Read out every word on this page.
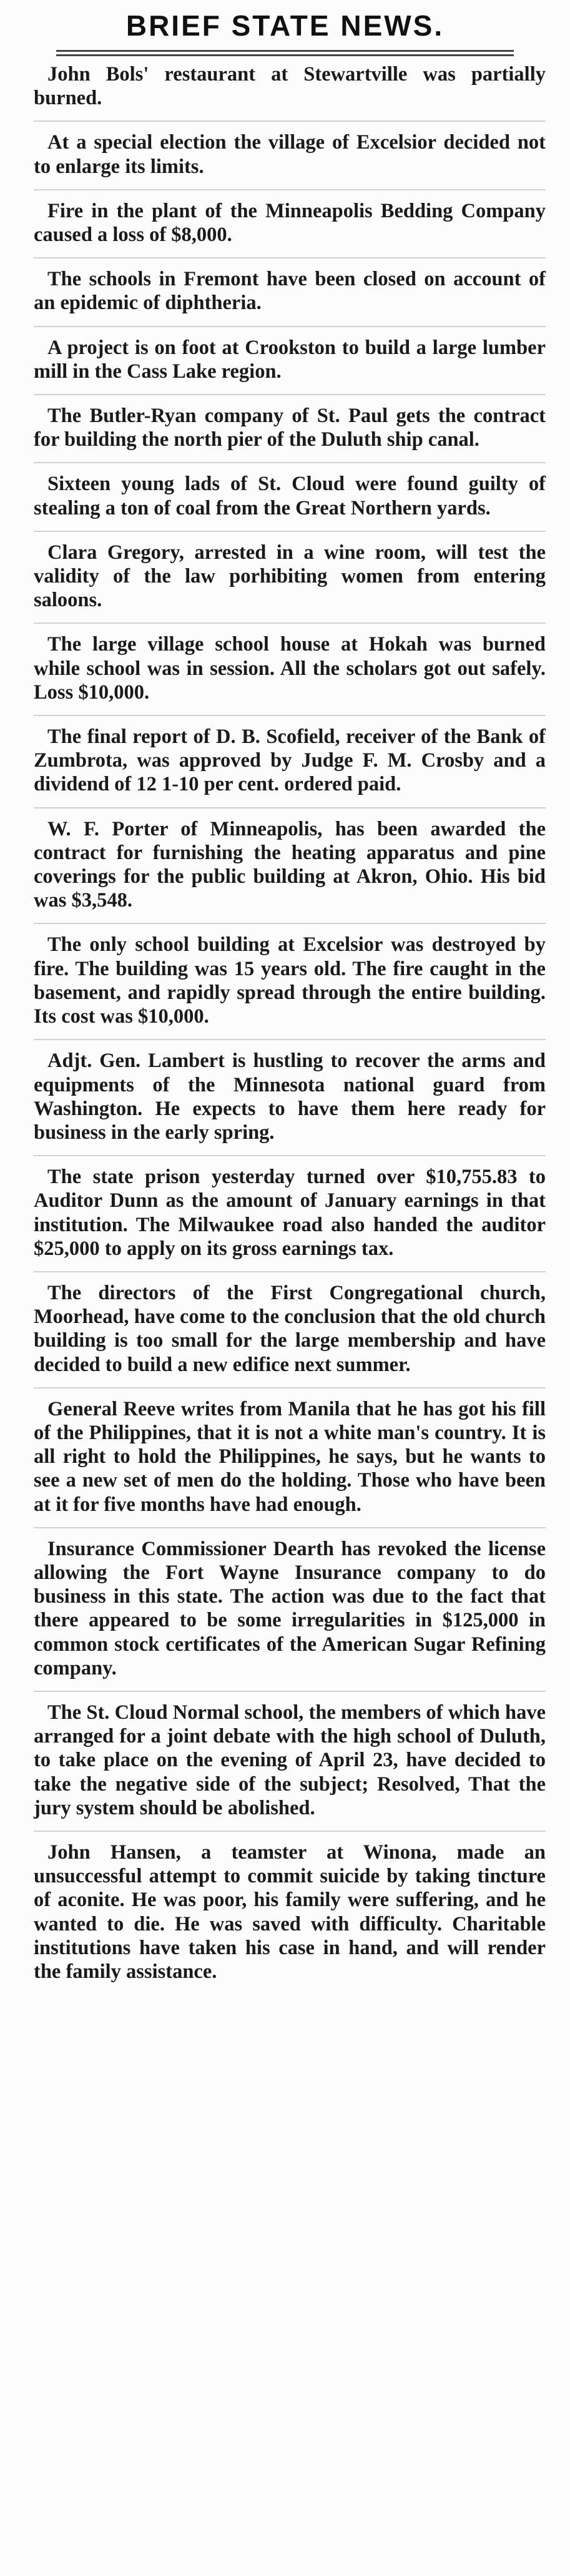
BRIEF STATE NEWS.

John Bols' restaurant at Stewartville was partially burned.

At a special election the village of Excelsior decided not to enlarge its limits.

Fire in the plant of the Minneapolis Bedding Company caused a loss of $8,000.

The schools in Fremont have been closed on account of an epidemic of diphtheria.

A project is on foot at Crookston to build a large lumber mill in the Cass Lake region.

The Butler-Ryan company of St. Paul gets the contract for building the north pier of the Duluth ship canal.

Sixteen young lads of St. Cloud were found guilty of stealing a ton of coal from the Great Northern yards.

Clara Gregory, arrested in a wine room, will test the validity of the law porhibiting women from entering saloons.

The large village school house at Hokah was burned while school was in session. All the scholars got out safely. Loss $10,000.

The final report of D. B. Scofield, receiver of the Bank of Zumbrota, was approved by Judge F. M. Crosby and a dividend of 12 1-10 per cent. ordered paid.

W. F. Porter of Minneapolis, has been awarded the contract for furnishing the heating apparatus and pine coverings for the public building at Akron, Ohio. His bid was $3,548.

The only school building at Excelsior was destroyed by fire. The building was 15 years old. The fire caught in the basement, and rapidly spread through the entire building. Its cost was $10,000.

Adjt. Gen. Lambert is hustling to recover the arms and equipments of the Minnesota national guard from Washington. He expects to have them here ready for business in the early spring.

The state prison yesterday turned over $10,755.83 to Auditor Dunn as the amount of January earnings in that institution. The Milwaukee road also handed the auditor $25,000 to apply on its gross earnings tax.

The directors of the First Congregational church, Moorhead, have come to the conclusion that the old church building is too small for the large membership and have decided to build a new edifice next summer.

General Reeve writes from Manila that he has got his fill of the Philippines, that it is not a white man's country. It is all right to hold the Philippines, he says, but he wants to see a new set of men do the holding. Those who have been at it for five months have had enough.

Insurance Commissioner Dearth has revoked the license allowing the Fort Wayne Insurance company to do business in this state. The action was due to the fact that there appeared to be some irregularities in $125,000 in common stock certificates of the American Sugar Refining company.

The St. Cloud Normal school, the members of which have arranged for a joint debate with the high school of Duluth, to take place on the evening of April 23, have decided to take the negative side of the subject; Resolved, That the jury system should be abolished.

John Hansen, a teamster at Winona, made an unsuccessful attempt to commit suicide by taking tincture of aconite. He was poor, his family were suffering, and he wanted to die. He was saved with difficulty. Charitable institutions have taken his case in hand, and will render the family assistance.
